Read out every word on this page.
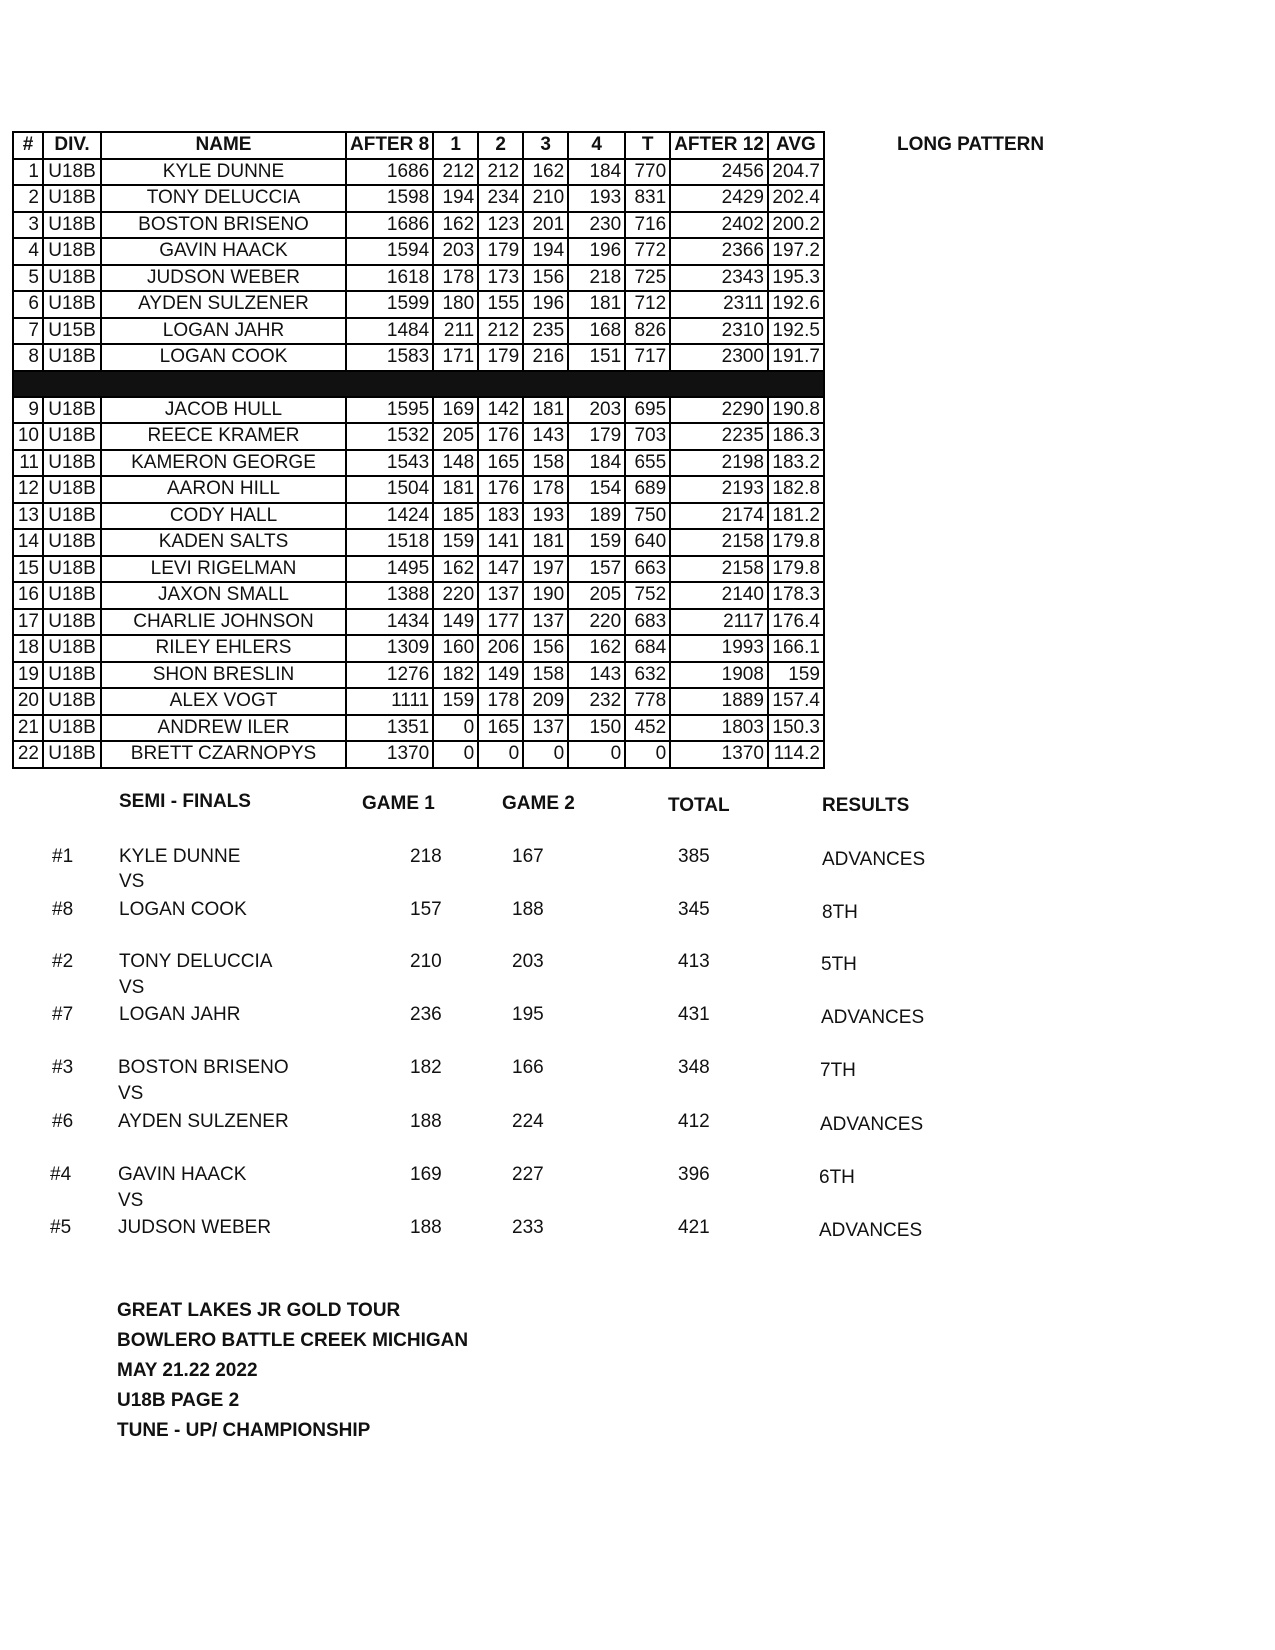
#	DIV.	NAME	AFTER 8	1	2	3	4	T	AFTER 12	AVG
1	U18B	KYLE DUNNE	1686	212	212	162	184	770	2456	204.7
2	U18B	TONY DELUCCIA	1598	194	234	210	193	831	2429	202.4
3	U18B	BOSTON BRISENO	1686	162	123	201	230	716	2402	200.2
4	U18B	GAVIN HAACK	1594	203	179	194	196	772	2366	197.2
5	U18B	JUDSON WEBER	1618	178	173	156	218	725	2343	195.3
6	U18B	AYDEN SULZENER	1599	180	155	196	181	712	2311	192.6
7	U15B	LOGAN JAHR	1484	211	212	235	168	826	2310	192.5
8	U18B	LOGAN COOK	1583	171	179	216	151	717	2300	191.7

9	U18B	JACOB HULL	1595	169	142	181	203	695	2290	190.8
10	U18B	REECE KRAMER	1532	205	176	143	179	703	2235	186.3
11	U18B	KAMERON GEORGE	1543	148	165	158	184	655	2198	183.2
12	U18B	AARON HILL	1504	181	176	178	154	689	2193	182.8
13	U18B	CODY HALL	1424	185	183	193	189	750	2174	181.2
14	U18B	KADEN SALTS	1518	159	141	181	159	640	2158	179.8
15	U18B	LEVI RIGELMAN	1495	162	147	197	157	663	2158	179.8
16	U18B	JAXON SMALL	1388	220	137	190	205	752	2140	178.3
17	U18B	CHARLIE JOHNSON	1434	149	177	137	220	683	2117	176.4
18	U18B	RILEY EHLERS	1309	160	206	156	162	684	1993	166.1
19	U18B	SHON BRESLIN	1276	182	149	158	143	632	1908	159
20	U18B	ALEX VOGT	1111	159	178	209	232	778	1889	157.4
21	U18B	ANDREW ILER	1351	0	165	137	150	452	1803	150.3
22	U18B	BRETT CZARNOPYS	1370	0	0	0	0	0	1370	114.2
LONG PATTERN
SEMI - FINALS	GAME 1	GAME 2	TOTAL	RESULTS
#1 KYLE DUNNE	218	167	385	ADVANCES
#8 LOGAN COOK	157	188	345	8TH
VS
#2 TONY DELUCCIA	210	203	413	5TH
#7 LOGAN JAHR	236	195	431	ADVANCES
VS
#3 BOSTON BRISENO	182	166	348	7TH
#6 AYDEN SULZENER	188	224	412	ADVANCES
VS
#4 GAVIN HAACK	169	227	396	6TH
#5 JUDSON WEBER	188	233	421	ADVANCES
VS
GREAT LAKES JR GOLD TOUR
BOWLERO BATTLE CREEK MICHIGAN
MAY 21.22 2022
U18B PAGE 2
TUNE - UP/ CHAMPIONSHIP
